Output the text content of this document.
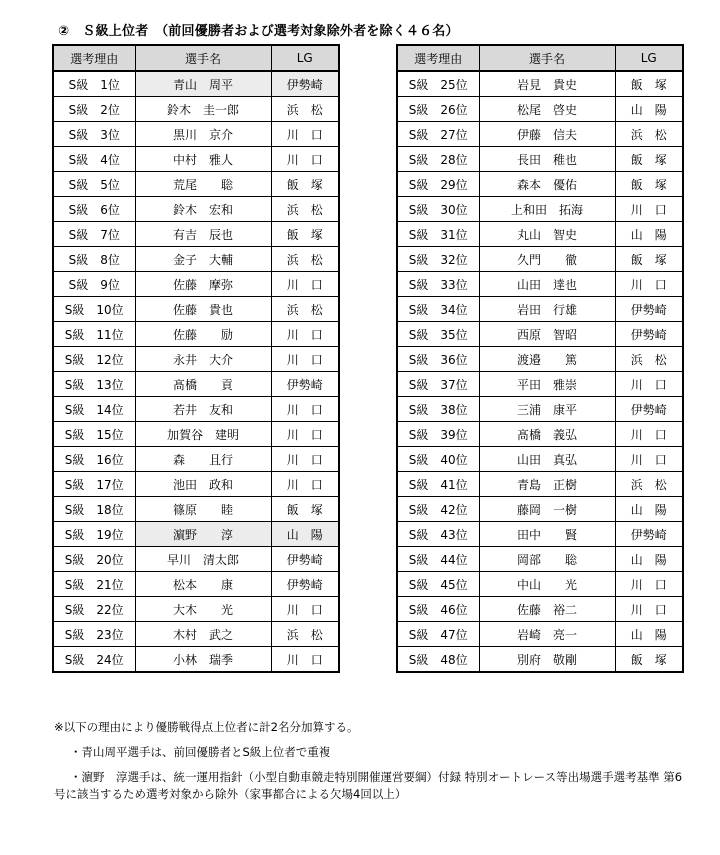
②　Ｓ級上位者　（前回優勝者および選考対象除外者を除く４６名）
選考理由	選手名	LG
S級　1位	青山　周平	伊勢崎
S級　2位	鈴木　圭一郎	浜　松
S級　3位	黒川　京介	川　口
S級　4位	中村　雅人	川　口
S級　5位	荒尾　　聡	飯　塚
S級　6位	鈴木　宏和	浜　松
S級　7位	有吉　辰也	飯　塚
S級　8位	金子　大輔	浜　松
S級　9位	佐藤　摩弥	川　口
S級　10位	佐藤　貴也	浜　松
S級　11位	佐藤　　励	川　口
S級　12位	永井　大介	川　口
S級　13位	髙橋　　貢	伊勢崎
S級　14位	若井　友和	川　口
S級　15位	加賀谷　建明	川　口
S級　16位	森　　且行	川　口
S級　17位	池田　政和	川　口
S級　18位	篠原　　睦	飯　塚
S級　19位	濵野　　淳	山　陽
S級　20位	早川　清太郎	伊勢崎
S級　21位	松本　　康	伊勢崎
S級　22位	大木　　光	川　口
S級　23位	木村　武之	浜　松
S級　24位	小林　瑞季	川　口
選考理由	選手名	LG
S級　25位	岩見　貴史	飯　塚
S級　26位	松尾　啓史	山　陽
S級　27位	伊藤　信夫	浜　松
S級　28位	長田　稚也	飯　塚
S級　29位	森本　優佑	飯　塚
S級　30位	上和田　拓海	川　口
S級　31位	丸山　智史	山　陽
S級　32位	久門　　徹	飯　塚
S級　33位	山田　達也	川　口
S級　34位	岩田　行雄	伊勢崎
S級　35位	西原　智昭	伊勢崎
S級　36位	渡邉　　篤	浜　松
S級　37位	平田　雅崇	川　口
S級　38位	三浦　康平	伊勢崎
S級　39位	髙橋　義弘	川　口
S級　40位	山田　真弘	川　口
S級　41位	青島　正樹	浜　松
S級　42位	藤岡　一樹	山　陽
S級　43位	田中　　賢	伊勢崎
S級　44位	岡部　　聡	山　陽
S級　45位	中山　　光	川　口
S級　46位	佐藤　裕二	川　口
S級　47位	岩崎　亮一	山　陽
S級　48位	別府　敬剛	飯　塚

※以下の理由により優勝戦得点上位者に計2名分加算する。

・青山周平選手は、前回優勝者とS級上位者で重複

・濵野　淳選手は、統一運用指針（小型自動車競走特別開催運営要綱）付録 特別オートレース等出場選手選考基準 第6号に該当するため選考対象から除外（家事都合による欠場4回以上）
